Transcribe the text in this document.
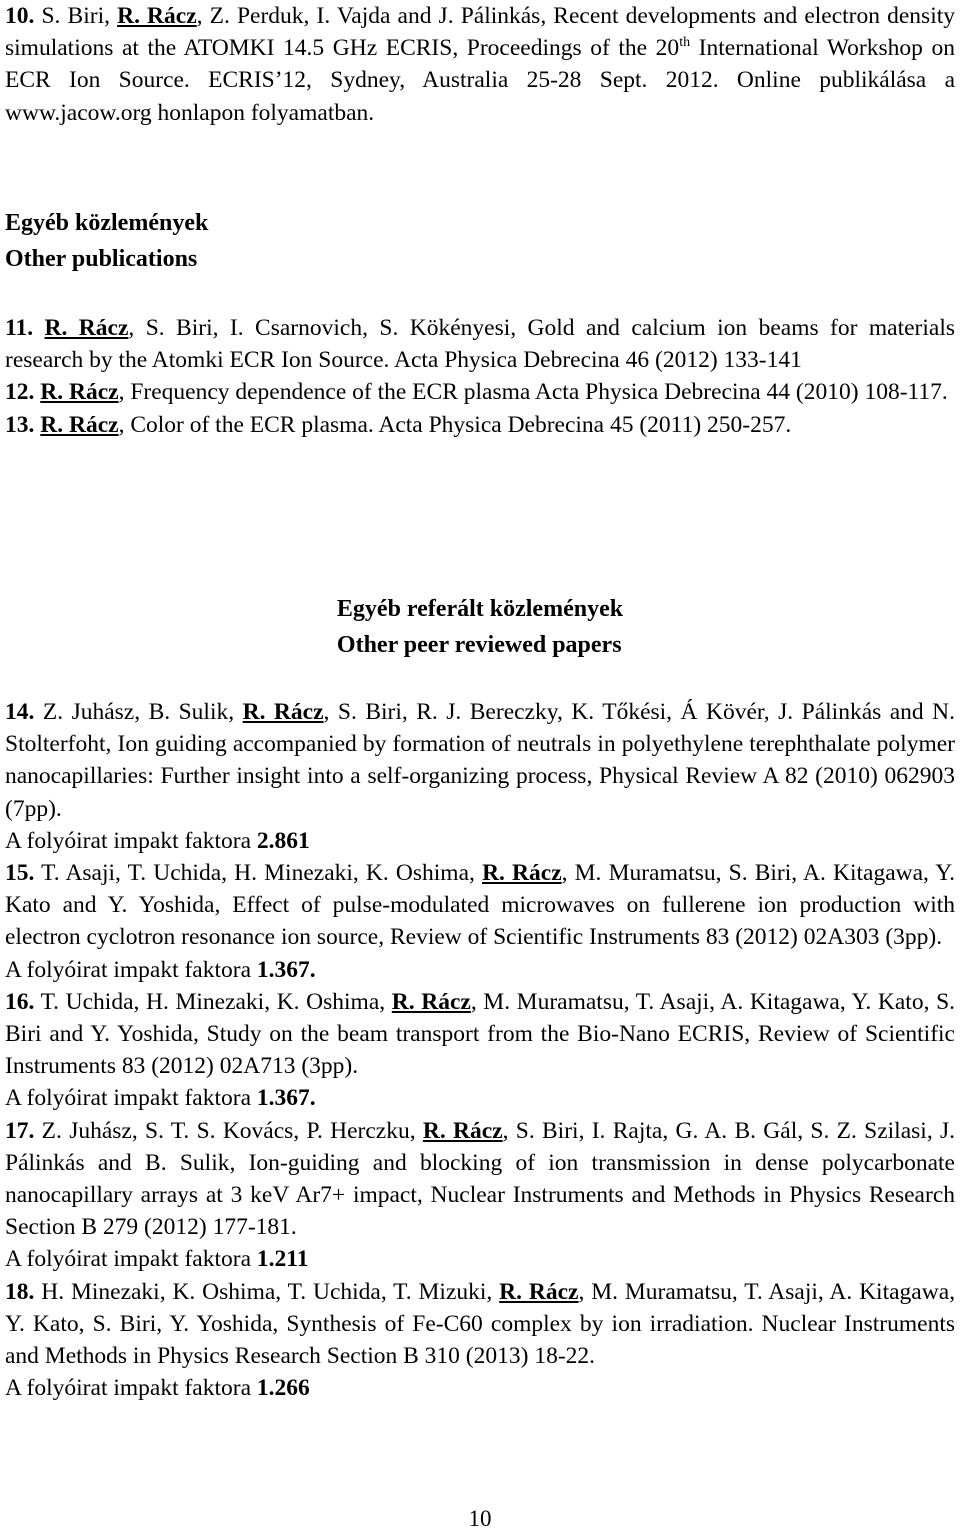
10. S. Biri, R. Rácz, Z. Perduk, I. Vajda and J. Pálinkás, Recent developments and electron density simulations at the ATOMKI 14.5 GHz ECRIS, Proceedings of the 20th International Workshop on ECR Ion Source. ECRIS’12, Sydney, Australia 25-28 Sept. 2012. Online publikálása a www.jacow.org honlapon folyamatban.

Egyéb közlemények

Other publications

11. R. Rácz, S. Biri, I. Csarnovich, S. Kökényesi, Gold and calcium ion beams for materials research by the Atomki ECR Ion Source. Acta Physica Debrecina 46 (2012) 133-141

12. R. Rácz, Frequency dependence of the ECR plasma Acta Physica Debrecina 44 (2010) 108-117.

13. R. Rácz, Color of the ECR plasma. Acta Physica Debrecina 45 (2011) 250-257.

Egyéb referált közlemények

Other peer reviewed papers

14. Z. Juhász, B. Sulik, R. Rácz, S. Biri, R. J. Bereczky, K. Tőkési, Á Kövér, J. Pálinkás and N. Stolterfoht, Ion guiding accompanied by formation of neutrals in polyethylene terephthalate polymer nanocapillaries: Further insight into a self-organizing process, Physical Review A 82 (2010) 062903 (7pp).

A folyóirat impakt faktora 2.861

15. T. Asaji, T. Uchida, H. Minezaki, K. Oshima, R. Rácz, M. Muramatsu, S. Biri, A. Kitagawa, Y. Kato and Y. Yoshida, Effect of pulse-modulated microwaves on fullerene ion production with electron cyclotron resonance ion source, Review of Scientific Instruments 83 (2012) 02A303 (3pp).

A folyóirat impakt faktora 1.367.

16. T. Uchida, H. Minezaki, K. Oshima, R. Rácz, M. Muramatsu, T. Asaji, A. Kitagawa, Y. Kato, S. Biri and Y. Yoshida, Study on the beam transport from the Bio-Nano ECRIS, Review of Scientific Instruments 83 (2012) 02A713 (3pp).

A folyóirat impakt faktora 1.367.

17. Z. Juhász, S. T. S. Kovács, P. Herczku, R. Rácz, S. Biri, I. Rajta, G. A. B. Gál, S. Z. Szilasi, J. Pálinkás and B. Sulik, Ion-guiding and blocking of ion transmission in dense polycarbonate nanocapillary arrays at 3 keV Ar7+ impact, Nuclear Instruments and Methods in Physics Research Section B 279 (2012) 177-181.

A folyóirat impakt faktora 1.211

18. H. Minezaki, K. Oshima, T. Uchida, T. Mizuki, R. Rácz, M. Muramatsu, T. Asaji, A. Kitagawa, Y. Kato, S. Biri, Y. Yoshida, Synthesis of Fe-C60 complex by ion irradiation. Nuclear Instruments and Methods in Physics Research Section B 310 (2013) 18-22.

A folyóirat impakt faktora 1.266

10
